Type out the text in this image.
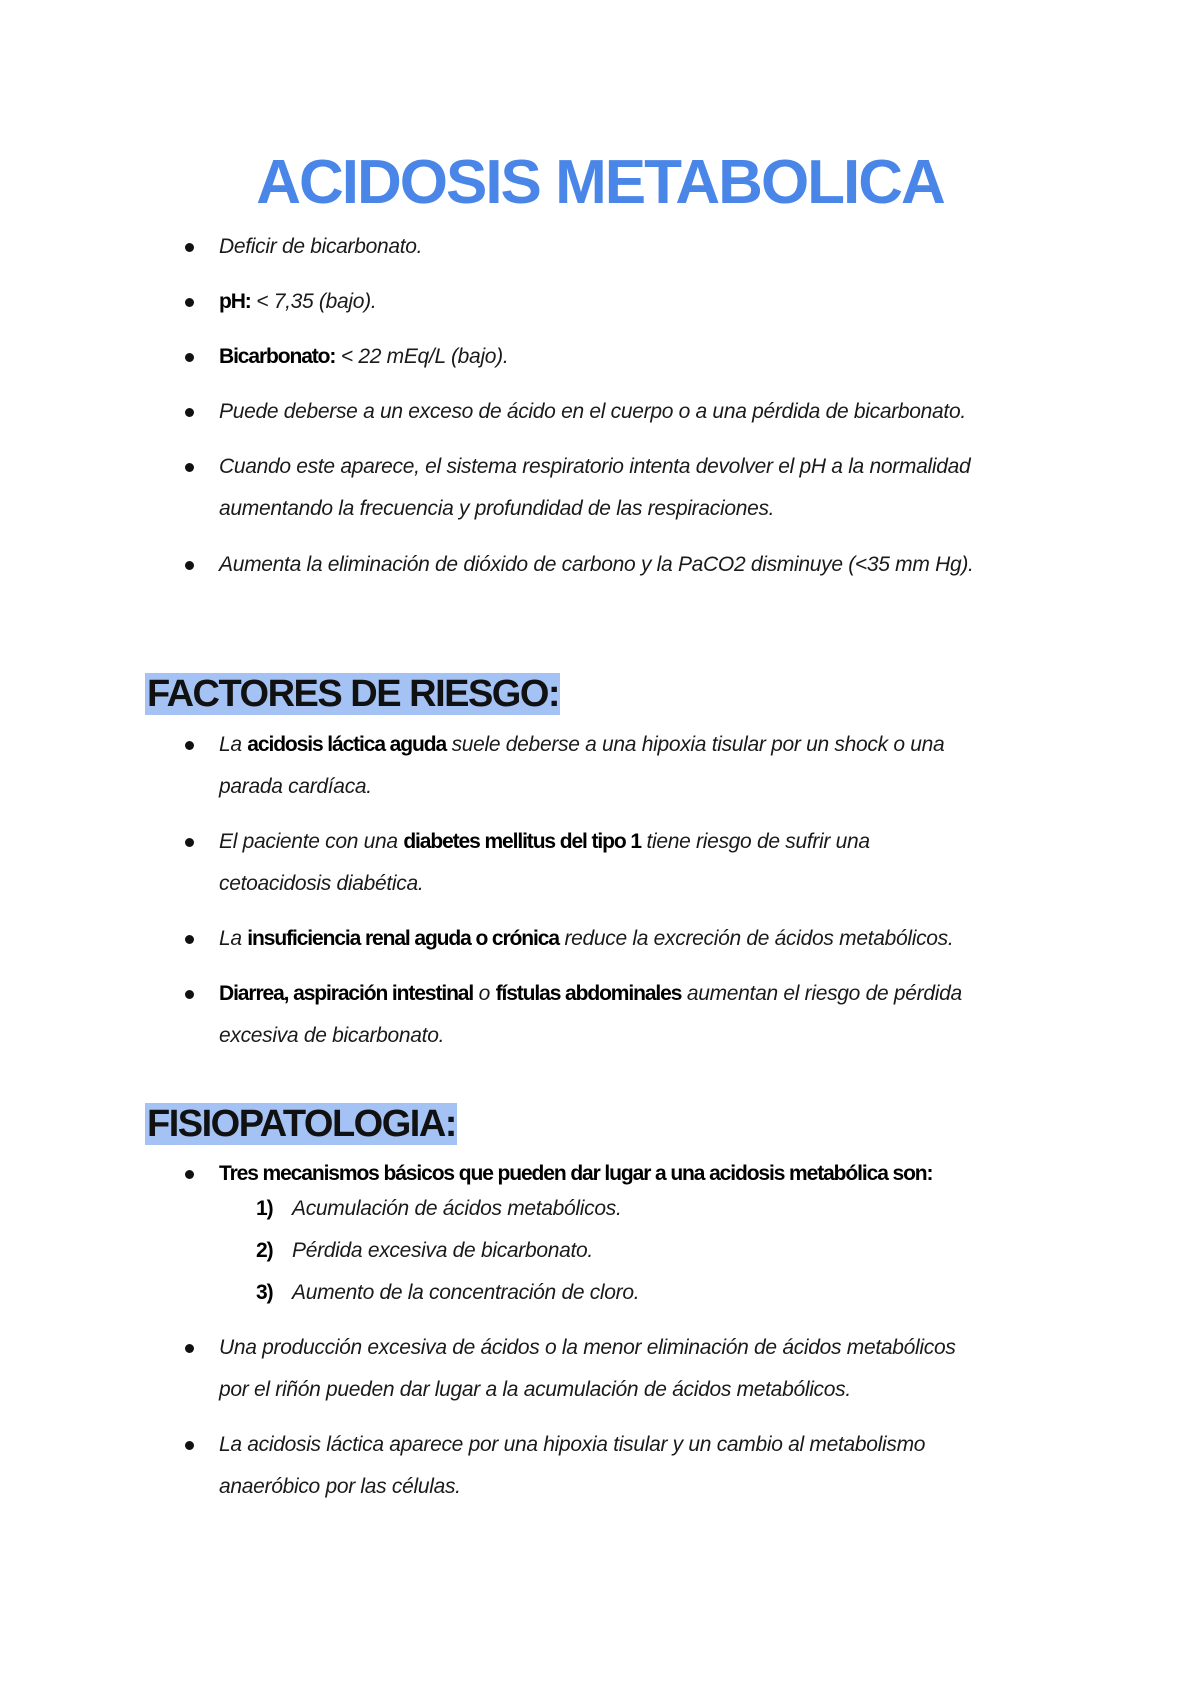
ACIDOSIS METABOLICA
Deficir de bicarbonato.
pH: < 7,35 (bajo).
Bicarbonato: < 22 mEq/L (bajo).
Puede deberse a un exceso de ácido en el cuerpo o a una pérdida de bicarbonato.
Cuando este aparece, el sistema respiratorio intenta devolver el pH a la normalidad
aumentando la frecuencia y profundidad de las respiraciones.
Aumenta la eliminación de dióxido de carbono y la PaCO2 disminuye (<35 mm Hg).
FACTORES DE RIESGO:
La acidosis láctica aguda suele deberse a una hipoxia tisular por un shock o una
parada cardíaca.
El paciente con una diabetes mellitus del tipo 1 tiene riesgo de sufrir una
cetoacidosis diabética.
La insuficiencia renal aguda o crónica reduce la excreción de ácidos metabólicos.
Diarrea, aspiración intestinal o fístulas abdominales aumentan el riesgo de pérdida
excesiva de bicarbonato.
FISIOPATOLOGIA:
Tres mecanismos básicos que pueden dar lugar a una acidosis metabólica son:
1) Acumulación de ácidos metabólicos.
2) Pérdida excesiva de bicarbonato.
3) Aumento de la concentración de cloro.
Una producción excesiva de ácidos o la menor eliminación de ácidos metabólicos
por el riñón pueden dar lugar a la acumulación de ácidos metabólicos.
La acidosis láctica aparece por una hipoxia tisular y un cambio al metabolismo
anaeróbico por las células.
